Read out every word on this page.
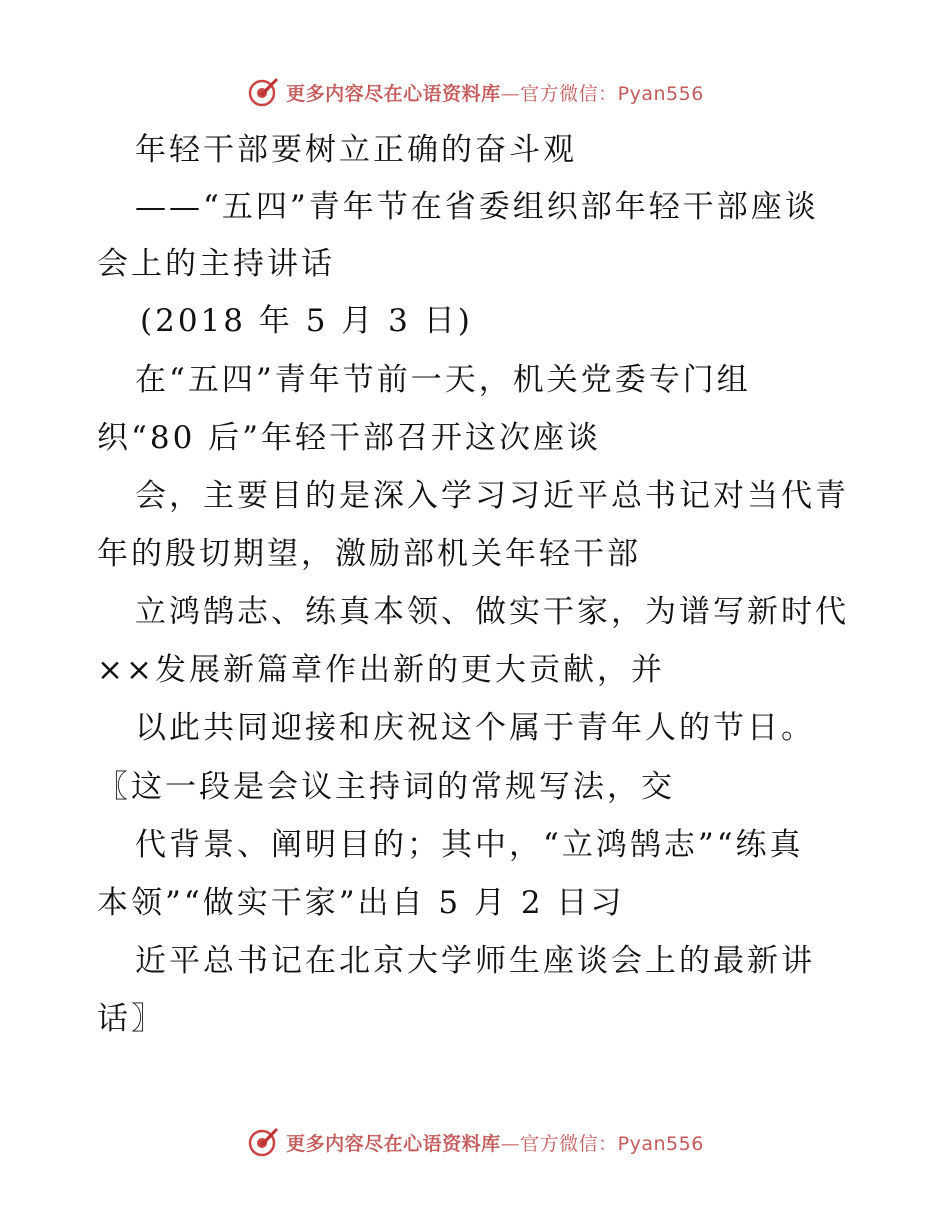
更多内容尽在心语资料库—官方微信：Pyan556
年轻干部要树立正确的奋斗观
——“五四”青年节在省委组织部年轻干部座谈
会上的主持讲话
(2018 年 5 月 3 日)
在“五四”青年节前一天，机关党委专门组
织“80 后”年轻干部召开这次座谈
会，主要目的是深入学习习近平总书记对当代青
年的殷切期望，激励部机关年轻干部
立鸿鹄志、练真本领、做实干家，为谱写新时代
××发展新篇章作出新的更大贡献，并
以此共同迎接和庆祝这个属于青年人的节日。
〖这一段是会议主持词的常规写法，交
代背景、阐明目的；其中，“立鸿鹄志”“练真
本领”“做实干家”出自 5 月 2 日习
近平总书记在北京大学师生座谈会上的最新讲
话〗
更多内容尽在心语资料库—官方微信：Pyan556
